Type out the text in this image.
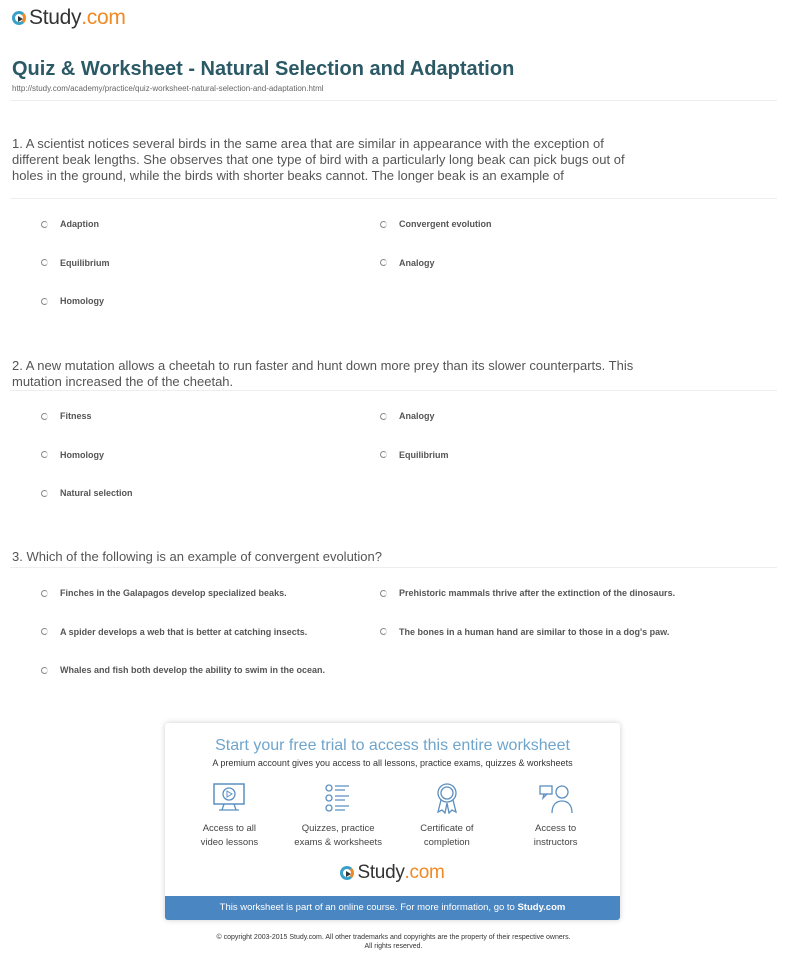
Study .com
Quiz & Worksheet - Natural Selection and Adaptation
http://study.com/academy/practice/quiz-worksheet-natural-selection-and-adaptation.html
1. A scientist notices several birds in the same area that are similar in appearance with the exception of different beak lengths. She observes that one type of bird with a particularly long beak can pick bugs out of holes in the ground, while the birds with shorter beaks cannot. The longer beak is an example of
Adaption	Convergent evolution
Equilibrium	Analogy
Homology
2. A new mutation allows a cheetah to run faster and hunt down more prey than its slower counterparts. This mutation increased the of the cheetah.
Fitness	Analogy
Homology	Equilibrium
Natural selection
3. Which of the following is an example of convergent evolution?
Finches in the Galapagos develop specialized beaks.	Prehistoric mammals thrive after the extinction of the dinosaurs.
A spider develops a web that is better at catching insects.	The bones in a human hand are similar to those in a dog's paw.
Whales and fish both develop the ability to swim in the ocean.
Start your free trial to access this entire worksheet
A premium account gives you access to all lessons, practice exams, quizzes & worksheets
Access to all
video lessons
Quizzes, practice
exams & worksheets
Certificate of
completion
Access to
instructors
Study .com
This worksheet is part of an online course. For more information, go to Study.com
© copyright 2003-2015 Study.com. All other trademarks and copyrights are the property of their respective owners.
All rights reserved.
